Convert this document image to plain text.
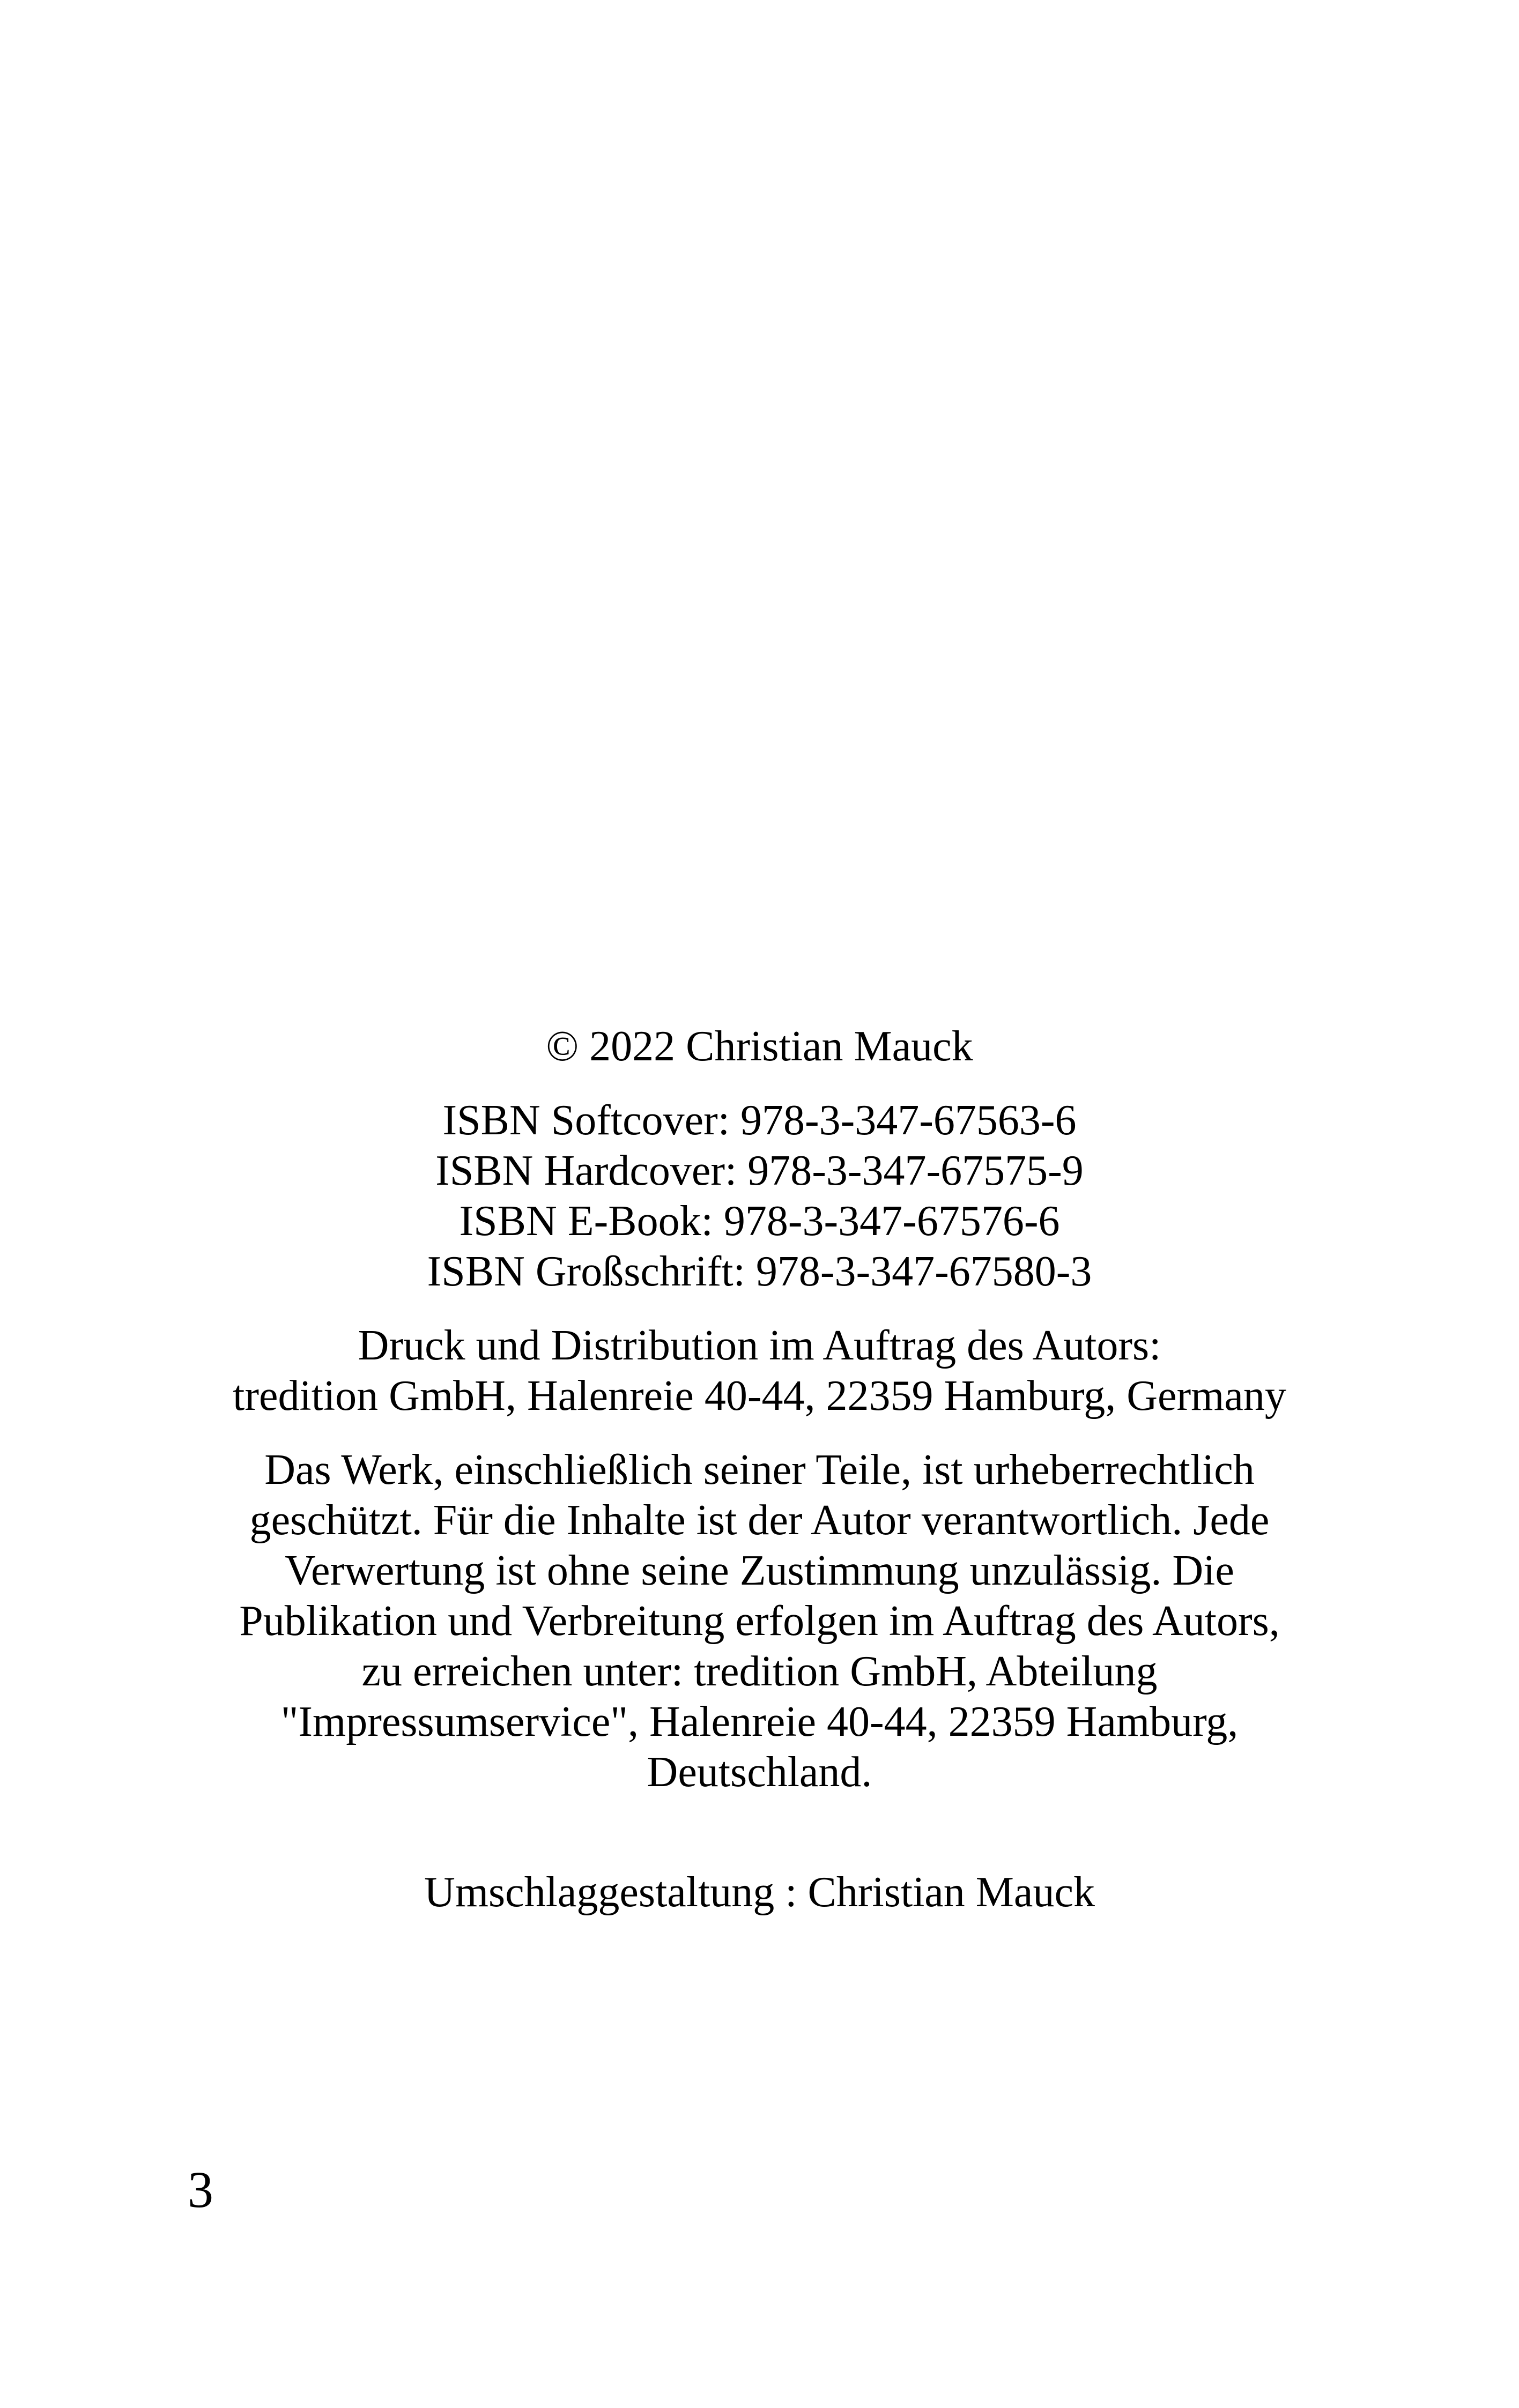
© 2022 Christian Mauck

ISBN Softcover: 978-3-347-67563-6
ISBN Hardcover: 978-3-347-67575-9
ISBN E-Book: 978-3-347-67576-6
ISBN Großschrift: 978-3-347-67580-3

Druck und Distribution im Auftrag des Autors:
tredition GmbH, Halenreie 40-44, 22359 Hamburg, Germany

Das Werk, einschließlich seiner Teile, ist urheberrechtlich
geschützt. Für die Inhalte ist der Autor verantwortlich. Jede
Verwertung ist ohne seine Zustimmung unzulässig. Die
Publikation und Verbreitung erfolgen im Auftrag des Autors,
zu erreichen unter: tredition GmbH, Abteilung
"Impressumservice", Halenreie 40-44, 22359 Hamburg,
Deutschland.

Umschlaggestaltung : Christian Mauck

3
